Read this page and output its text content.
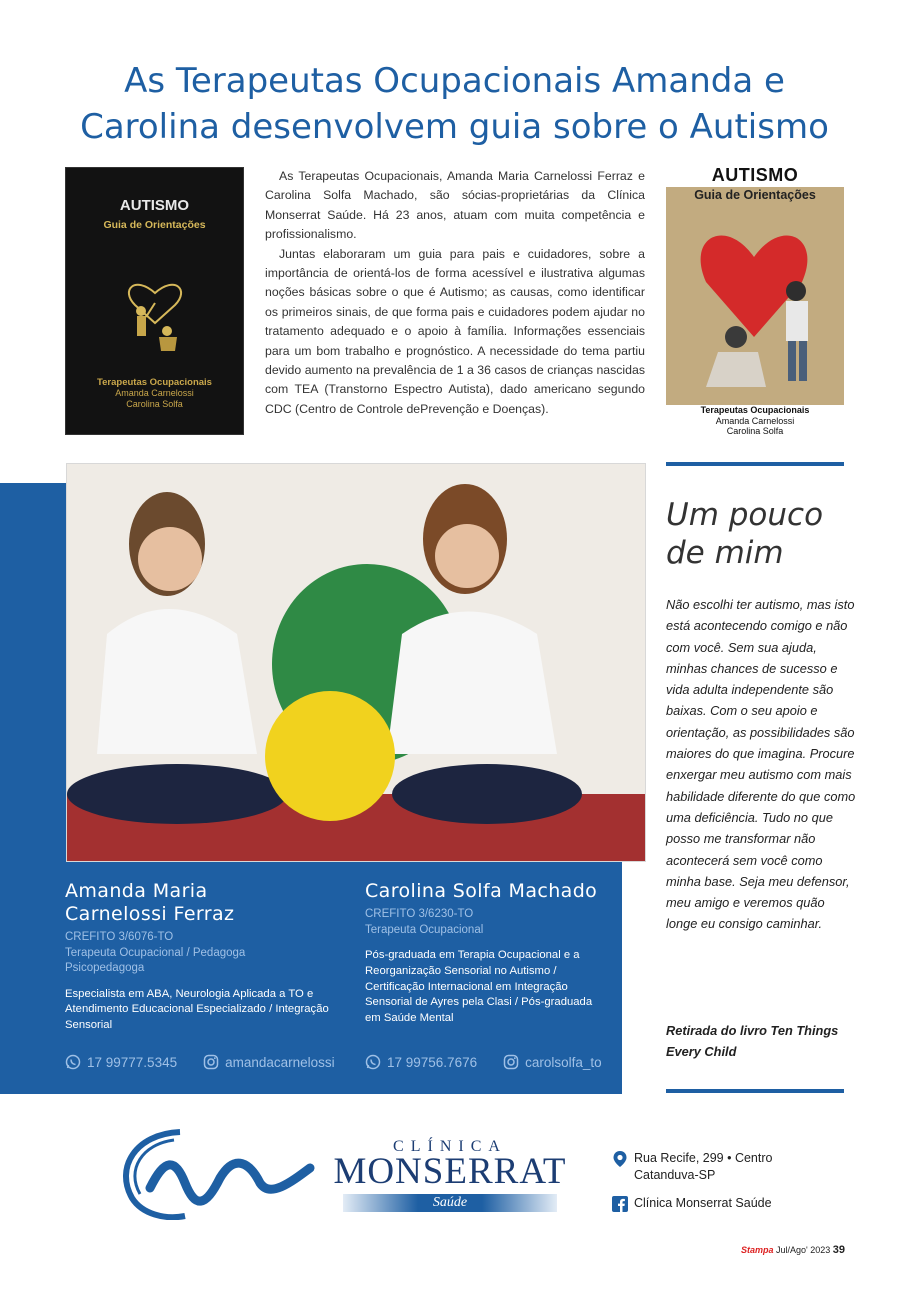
As Terapeutas Ocupacionais Amanda e
Carolina desenvolvem guia sobre o Autismo
AUTISMO
Guia de Orientações
Terapeutas Ocupacionais
Amanda Carnelossi
Carolina Solfa

As Terapeutas Ocupacionais, Amanda Maria Carnelossi Ferraz e Carolina Solfa Machado, são sócias-proprietárias da Clínica Monserrat Saúde. Há 23 anos, atuam com muita competência e profissionalismo.

Juntas elaboraram um guia para pais e cuidadores, sobre a importância de orientá-los de forma acessível e ilustrativa algumas noções básicas sobre o que é Autismo; as causas, como identificar os primeiros sinais, de que forma pais e cuidadores podem ajudar no tratamento adequado e o apoio à família. Informações essenciais para um bom trabalho e prognóstico. A necessidade do tema partiu devido aumento na prevalência de 1 a 36 casos de crianças nascidas com TEA (Transtorno Espectro Autista), dado americano segundo CDC (Centro de Controle dePrevenção e Doenças).

AUTISMO
Guia de Orientações
Terapeutas Ocupacionais
Amanda Carnelossi
Carolina Solfa
Amanda Maria
Carnelossi Ferraz
CREFITO 3/6076-TO
Terapeuta Ocupacional / Pedagoga Psicopedagoga
Especialista em ABA, Neurologia Aplicada a TO e Atendimento Educacional Especializado / Integração Sensorial
17 99777.5345	amandacarnelossi
Carolina Solfa Machado
CREFITO 3/6230-TO
Terapeuta Ocupacional
Pós-graduada em Terapia Ocupacional e a Reorganização Sensorial no Autismo / Certificação Internacional em Integração Sensorial de Ayres pela Clasi / Pós-graduada em Saúde Mental
17 99756.7676	carolsolfa_to
Um pouco
de mim
Não escolhi ter autismo, mas isto está acontecendo comigo e não com você. Sem sua ajuda, minhas chances de sucesso e vida adulta independente são baixas. Com o seu apoio e orientação, as possibilidades são maiores do que imagina. Procure enxergar meu autismo com mais habilidade diferente do que como uma deficiência. Tudo no que posso me transformar não acontecerá sem você como minha base. Seja meu defensor, meu amigo e veremos quão longe eu consigo caminhar.
Retirada do livro Ten Things Every Child
CLÍNICA
MONSERRAT
Saúde
Rua Recife, 299 • Centro
Catanduva-SP
Clínica Monserrat Saúde
Stampa Jul/Ago' 2023 39
